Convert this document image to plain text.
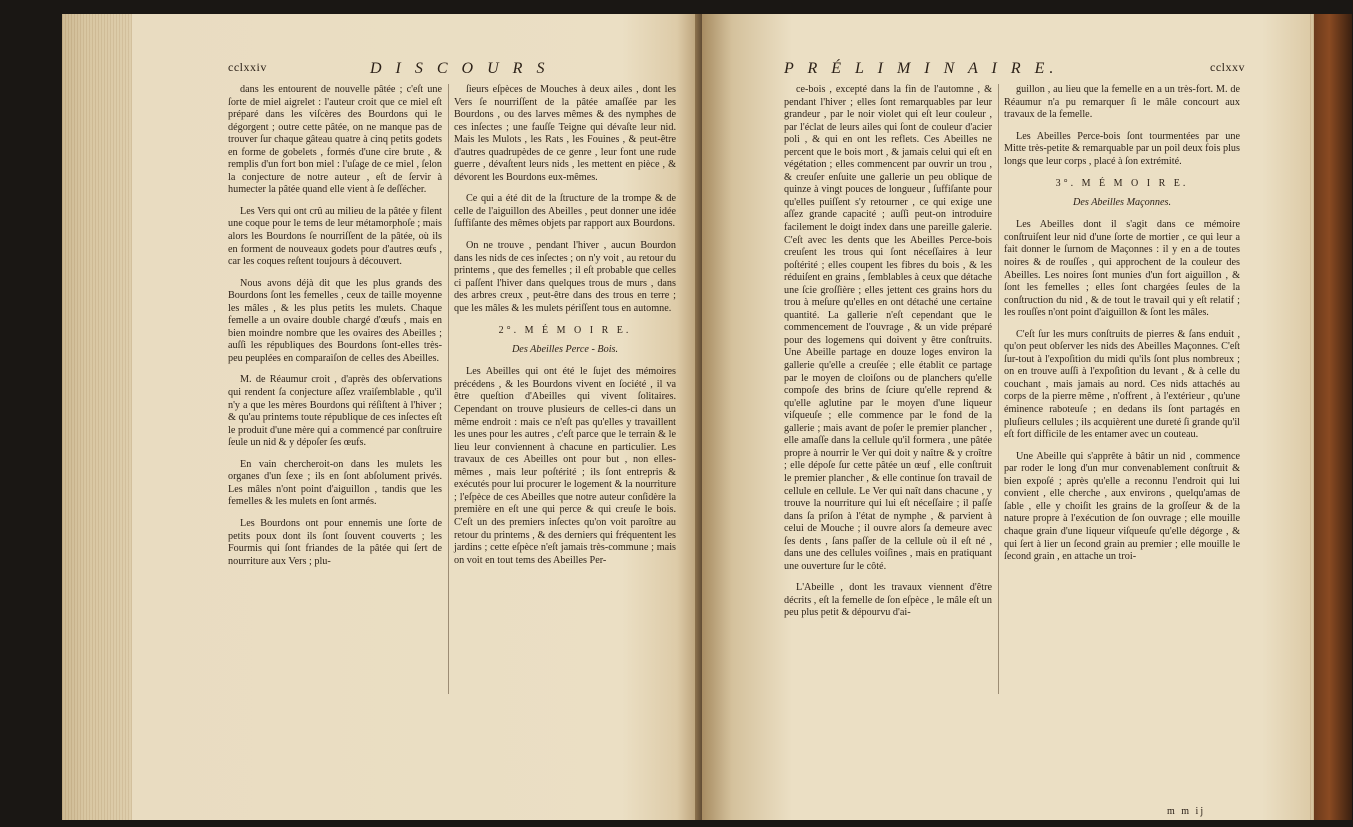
cclxxiv	D I S C O U R S

dans les entourent de nouvelle pâtée ; c'eſt une ſorte de miel aigrelet : l'auteur croit que ce miel eſt préparé dans les viſcères des Bourdons qui le dégorgent ; outre cette pâtée, on ne manque pas de trouver ſur chaque gâteau quatre à cinq petits godets en forme de gobelets , formés d'une cire brute , & remplis d'un fort bon miel : l'uſage de ce miel , ſelon la conjecture de notre auteur , eſt de ſervir à humecter la pâtée quand elle vient à ſe deſſécher.

Les Vers qui ont crû au milieu de la pâtée y filent une coque pour le tems de leur métamorphoſe ; mais alors les Bourdons ſe nourriſſent de la pâtée, où ils en forment de nouveaux godets pour d'autres œufs , car les coques reſtent toujours à découvert.

Nous avons déjà dit que les plus grands des Bourdons ſont les femelles , ceux de taille moyenne les mâles , & les plus petits les mulets. Chaque femelle a un ovaire double chargé d'œufs , mais en bien moindre nombre que les ovaires des Abeilles ; auſſi les républiques des Bourdons ſont-elles très-peu peuplées en comparaiſon de celles des Abeilles.

M. de Réaumur croit , d'après des obſervations qui rendent ſa conjecture aſſez vraiſemblable , qu'il n'y a que les mères Bourdons qui réſiſtent à l'hiver ; & qu'au printems toute république de ces inſectes eſt le produit d'une mère qui a commencé par conſtruire ſeule un nid & y dépoſer ſes œufs.

En vain chercheroit-on dans les mulets les organes d'un ſexe ; ils en ſont abſolument privés. Les mâles n'ont point d'aiguillon , tandis que les femelles & les mulets en ſont armés.

Les Bourdons ont pour ennemis une ſorte de petits poux dont ils ſont ſouvent couverts ; les Fourmis qui ſont friandes de la pâtée qui ſert de nourriture aux Vers ; plu-

ſieurs eſpèces de Mouches à deux ailes , dont les Vers ſe nourriſſent de la pâtée amaſſée par les Bourdons , ou des larves mêmes & des nymphes de ces inſectes ; une fauſſe Teigne qui dévaſte leur nid. Mais les Mulots , les Rats , les Fouines , & peut-être d'autres quadrupèdes de ce genre , leur font une rude guerre , dévaſtent leurs nids , les mettent en pièce , & dévorent les Bourdons eux-mêmes.

Ce qui a été dit de la ſtructure de la trompe & de celle de l'aiguillon des Abeilles , peut donner une idée ſuffiſante des mêmes objets par rapport aux Bourdons.

On ne trouve , pendant l'hiver , aucun Bourdon dans les nids de ces inſectes ; on n'y voit , au retour du printems , que des femelles ; il eſt probable que celles ci paſſent l'hiver dans quelques trous de murs , dans des arbres creux , peut-être dans des trous en terre ; que les mâles & les mulets périſſent tous en automne.

2°. M É M O I R E.

Des Abeilles Perce - Bois.

Les Abeilles qui ont été le ſujet des mémoires précédens , & les Bourdons vivent en ſociété , il va être queſtion d'Abeilles qui vivent ſolitaires. Cependant on trouve plusieurs de celles-ci dans un même endroit : mais ce n'eſt pas qu'elles y travaillent les unes pour les autres , c'eſt parce que le terrain & le lieu leur conviennent à chacune en particulier. Les travaux de ces Abeilles ont pour but , non elles-mêmes , mais leur poſtérité ; ils ſont entrepris & exécutés pour lui procurer le logement & la nourriture ; l'eſpèce de ces Abeilles que notre auteur conſidère la première en eſt une qui perce & qui creuſe le bois. C'eſt un des premiers inſectes qu'on voit paroître au retour du printems , & des derniers qui fréquentent les jardins ; cette eſpèce n'eſt jamais très-commune ; mais on voit en tout tems des Abeilles Per-

P R É L I M I N A I R E.	cclxxv

ce-bois , excepté dans la fin de l'automne , & pendant l'hiver ; elles ſont remarquables par leur grandeur , par le noir violet qui eſt leur couleur , par l'éclat de leurs ailes qui ſont de couleur d'acier poli , & qui en ont les reflets. Ces Abeilles ne percent que le bois mort , & jamais celui qui eſt en végétation ; elles commencent par ouvrir un trou , & creuſer enſuite une gallerie un peu oblique de quinze à vingt pouces de longueur , ſuffiſante pour qu'elles puiſſent s'y retourner , ce qui exige une aſſez grande capacité ; auſſi peut-on introduire facilement le doigt index dans une pareille galerie. C'eſt avec les dents que les Abeilles Perce-bois creuſent les trous qui ſont néceſſaires à leur poſtérité ; elles coupent les fibres du bois , & les réduiſent en grains , ſemblables à ceux que détache une ſcie groſſière ; elles jettent ces grains hors du trou à meſure qu'elles en ont détaché une certaine quantité. La gallerie n'eſt cependant que le commencement de l'ouvrage , & un vide préparé pour des logemens qui doivent y être conſtruits. Une Abeille partage en douze loges environ la gallerie qu'elle a creuſée ; elle établit ce partage par le moyen de cloiſons ou de planchers qu'elle compoſe des brins de ſciure qu'elle reprend & qu'elle aglutine par le moyen d'une liqueur viſqueuſe ; elle commence par le fond de la gallerie ; mais avant de poſer le premier plancher , elle amaſſe dans la cellule qu'il formera , une pâtée propre à nourrir le Ver qui doit y naître & y croître ; elle dépoſe ſur cette pâtée un œuf , elle conſtruit le premier plancher , & elle continue ſon travail de cellule en cellule. Le Ver qui naît dans chacune , y trouve la nourriture qui lui eſt néceſſaire ; il paſſe dans ſa priſon à l'état de nymphe , & parvient à celui de Mouche ; il ouvre alors ſa demeure avec ſes dents , ſans paſſer de la cellule où il eſt né , dans une des cellules voiſines , mais en pratiquant une ouverture ſur le côté.

L'Abeille , dont les travaux viennent d'être décrits , eſt la femelle de ſon eſpèce , le mâle eſt un peu plus petit & dépourvu d'ai-

guillon , au lieu que la femelle en a un très-fort. M. de Réaumur n'a pu remarquer ſi le mâle concourt aux travaux de la femelle.

Les Abeilles Perce-bois ſont tourmentées par une Mitte très-petite & remarquable par un poil deux fois plus longs que leur corps , placé à ſon extrémité.

3°. M É M O I R E.

Des Abeilles Maçonnes.

Les Abeilles dont il s'agit dans ce mémoire conſtruiſent leur nid d'une ſorte de mortier , ce qui leur a fait donner le ſurnom de Maçonnes : il y en a de toutes noires & de rouſſes , qui approchent de la couleur des Abeilles. Les noires ſont munies d'un fort aiguillon , & ſont les femelles ; elles ſont chargées ſeules de la conſtruction du nid , & de tout le travail qui y eſt relatif ; les rouſſes n'ont point d'aiguillon & ſont les mâles.

C'eſt ſur les murs conſtruits de pierres & ſans enduit , qu'on peut obſerver les nids des Abeilles Maçonnes. C'eſt ſur-tout à l'expoſition du midi qu'ils ſont plus nombreux ; on en trouve auſſi à l'expoſition du levant , & à celle du couchant , mais jamais au nord. Ces nids attachés au corps de la pierre même , n'offrent , à l'extérieur , qu'une éminence raboteuſe ; en dedans ils ſont partagés en pluſieurs cellules ; ils acquièrent une dureté ſi grande qu'il eſt fort difficile de les entamer avec un couteau.

Une Abeille qui s'apprête à bâtir un nid , commence par roder le long d'un mur convenablement conſtruit & bien expoſé ; après qu'elle a reconnu l'endroit qui lui convient , elle cherche , aux environs , quelqu'amas de ſable , elle y choiſit les grains de la groſſeur & de la nature propre à l'exécution de ſon ouvrage ; elle mouille chaque grain d'une liqueur viſqueuſe qu'elle dégorge , & qui ſert à lier un ſecond grain au premier ; elle mouille le ſecond grain , en attache un troi-

m m ij
